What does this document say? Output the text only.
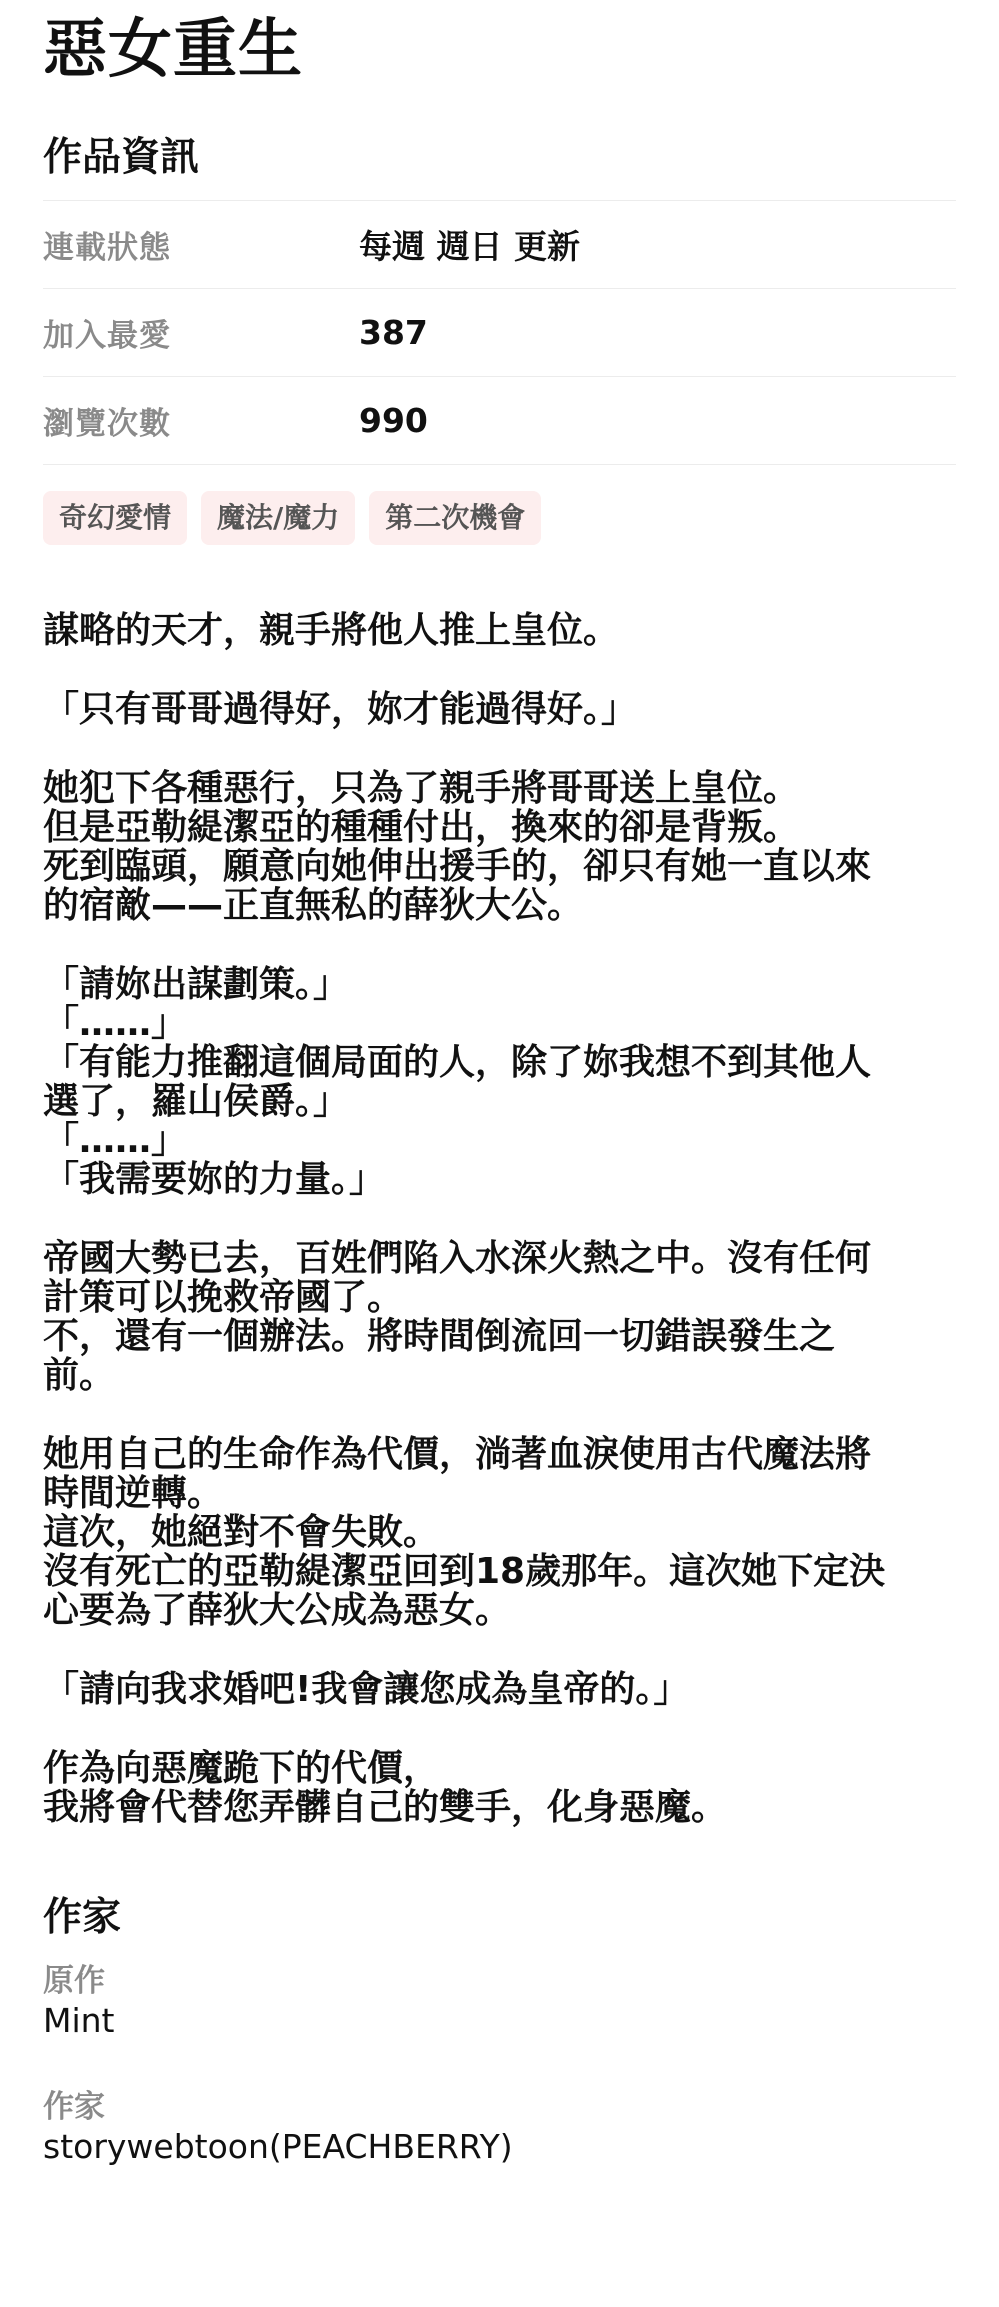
惡女重生
作品資訊
連載狀態	每週 週日 更新
加入最愛	387
瀏覽次數	990
奇幻愛情	魔法/魔力	第二次機會

謀略的天才，親手將他人推上皇位。

「只有哥哥過得好，妳才能過得好。」

她犯下各種惡行，只為了親手將哥哥送上皇位。
但是亞勒緹潔亞的種種付出，換來的卻是背叛。
死到臨頭，願意向她伸出援手的，卻只有她一直以來
的宿敵——正直無私的薛狄大公。

「請妳出謀劃策。」
「……」
「有能力推翻這個局面的人，除了妳我想不到其他人
選了，羅山侯爵。」
「……」
「我需要妳的力量。」

帝國大勢已去，百姓們陷入水深火熱之中。沒有任何
計策可以挽救帝國了。
不，還有一個辦法。將時間倒流回一切錯誤發生之
前。

她用自己的生命作為代價，淌著血淚使用古代魔法將
時間逆轉。
這次，她絕對不會失敗。
沒有死亡的亞勒緹潔亞回到18歲那年。這次她下定決
心要為了薛狄大公成為惡女。

「請向我求婚吧!我會讓您成為皇帝的。」

作為向惡魔跪下的代價，
我將會代替您弄髒自己的雙手，化身惡魔。

作家
原作
Mint
作家
storywebtoon(PEACHBERRY)
